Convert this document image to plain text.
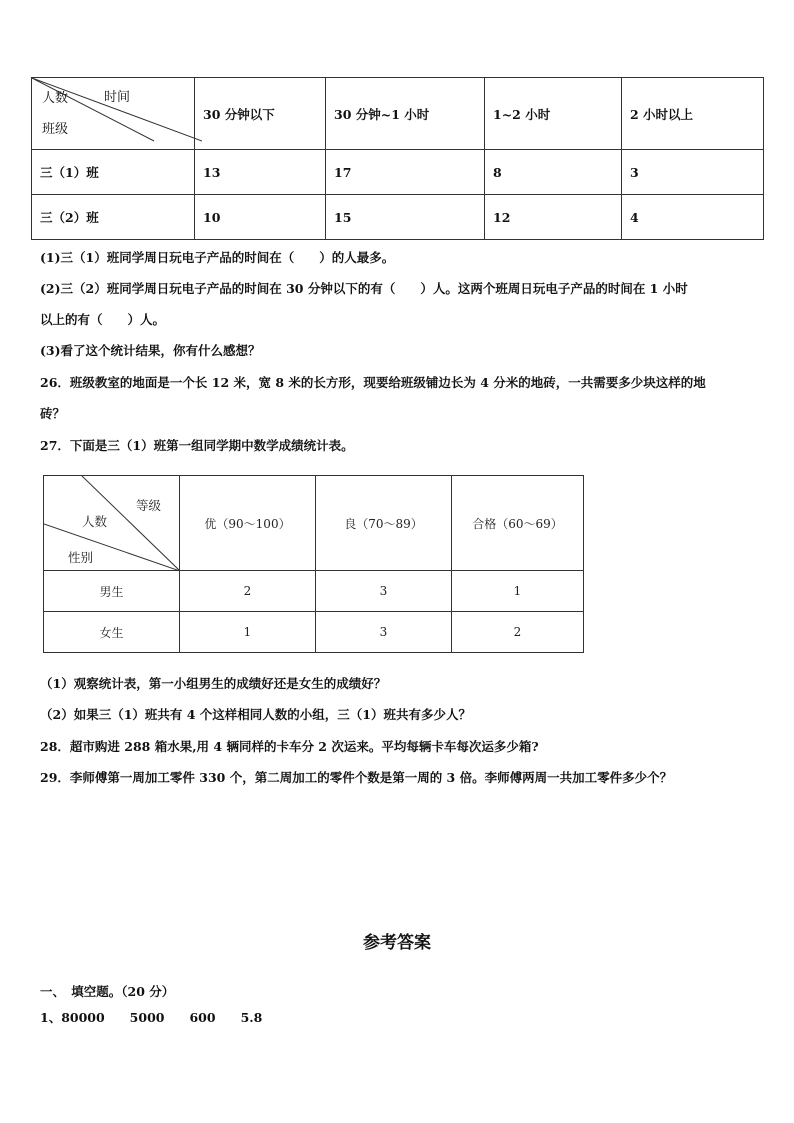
时间
人数
班级	30 分钟以下	30 分钟~1 小时	1~2 小时	2 小时以上
三（1）班	13	17	8	3
三（2）班	10	15	12	4
(1)三（1）班同学周日玩电子产品的时间在（　　）的人最多。
(2)三（2）班同学周日玩电子产品的时间在 30 分钟以下的有（　　）人。这两个班周日玩电子产品的时间在 1 小时
以上的有（　　）人。
(3)看了这个统计结果，你有什么感想？
26．班级教室的地面是一个长 12 米，宽 8 米的长方形，现要给班级铺边长为 4 分米的地砖，一共需要多少块这样的地
砖？
27．下面是三（1）班第一组同学期中数学成绩统计表。
等级
人数
性别	优（90～100）	良（70～89）	合格（60～69）
男生	2	3	1
女生	1	3	2
（1）观察统计表，第一小组男生的成绩好还是女生的成绩好？
（2）如果三（1）班共有 4 个这样相同人数的小组，三（1）班共有多少人？
28．超市购进 288 箱水果,用 4 辆同样的卡车分 2 次运来。平均每辆卡车每次运多少箱?
29．李师傅第一周加工零件 330 个，第二周加工的零件个数是第一周的 3 倍。李师傅两周一共加工零件多少个？
参考答案
一、　填空题。（20 分）
1、80000　　5000　　600　　5.8
